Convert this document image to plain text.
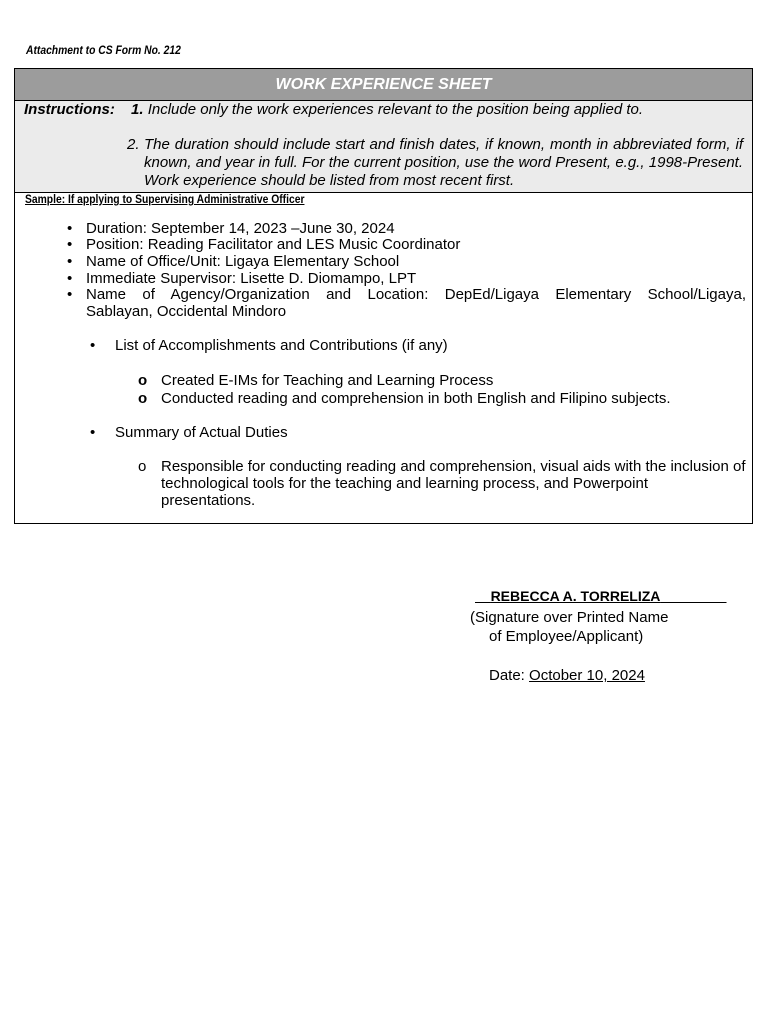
Attachment to CS Form No. 212
WORK EXPERIENCE SHEET
Instructions: 1. Include only the work experiences relevant to the position being applied to.
2. The duration should include start and finish dates, if known, month in abbreviated form, if known, and year in full. For the current position, use the word Present, e.g., 1998-Present. Work experience should be listed from most recent first.
Sample: If applying to Supervising Administrative Officer
• Duration: September 14, 2023 –June 30, 2024
• Position: Reading Facilitator and LES Music Coordinator
• Name of Office/Unit: Ligaya Elementary School
• Immediate Supervisor: Lisette D. Diomampo, LPT
• Name of Agency/Organization and Location: DepEd/Ligaya Elementary School/Ligaya,
Sablayan, Occidental Mindoro
• List of Accomplishments and Contributions (if any)
o Created E-IMs for Teaching and Learning Process
o Conducted reading and comprehension in both English and Filipino subjects.
• Summary of Actual Duties
o Responsible for conducting reading and comprehension, visual aids with the inclusion of technological tools for the teaching and learning process, and Powerpoint presentations.
REBECCA A. TORRELIZA
(Signature over Printed Name
of Employee/Applicant)
Date: October 10, 2024
